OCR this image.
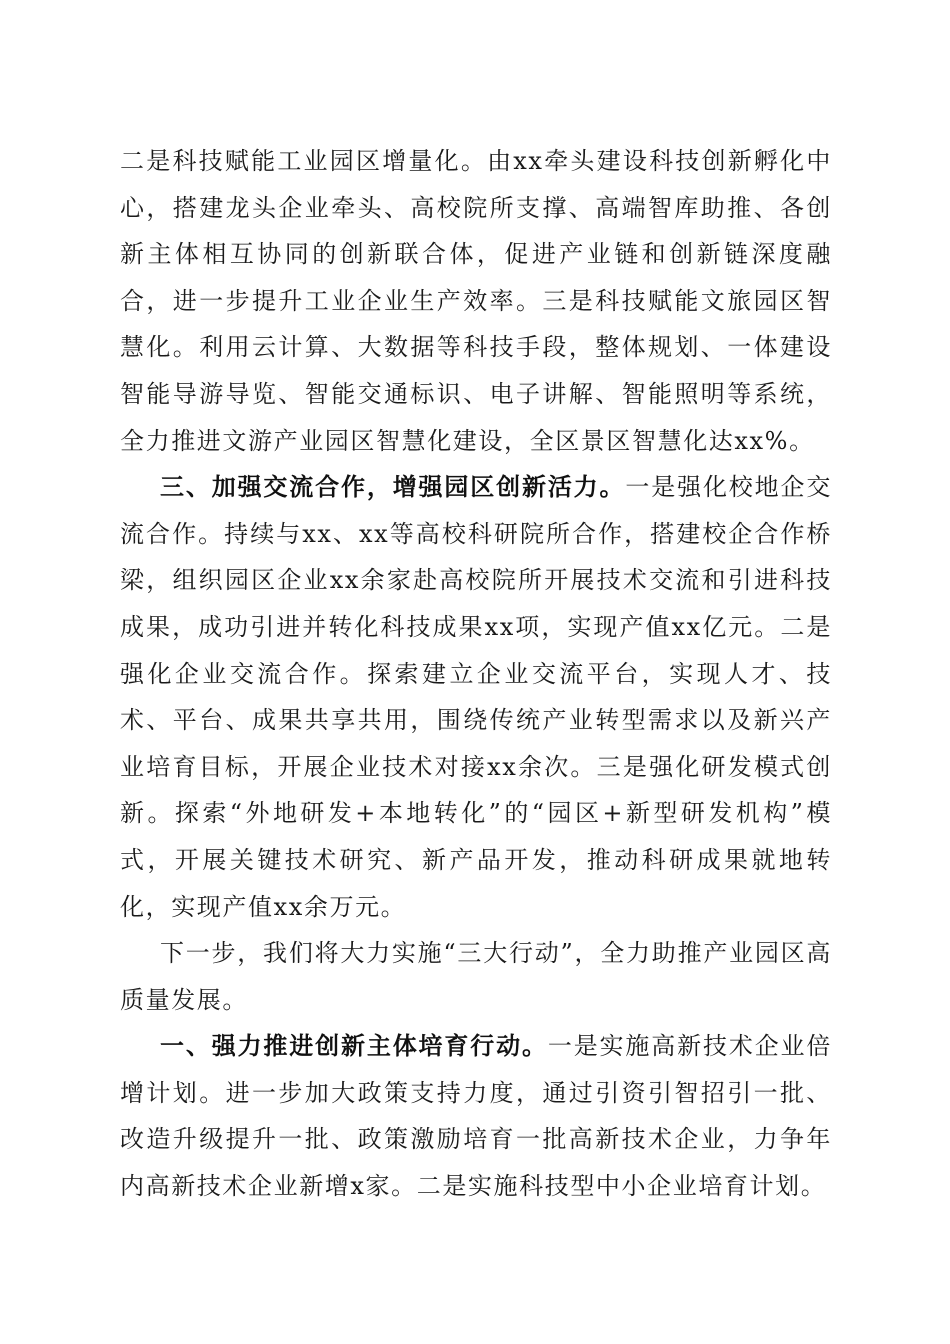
二是科技赋能工业园区增量化。由xx牵头建设科技创新孵化中心，搭建龙头企业牵头、高校院所支撑、高端智库助推、各创新主体相互协同的创新联合体，促进产业链和创新链深度融合，进一步提升工业企业生产效率。三是科技赋能文旅园区智慧化。利用云计算、大数据等科技手段，整体规划、一体建设智能导游导览、智能交通标识、电子讲解、智能照明等系统，全力推进文游产业园区智慧化建设，全区景区智慧化达xx%。

三、加强交流合作，增强园区创新活力。一是强化校地企交流合作。持续与xx、xx等高校科研院所合作，搭建校企合作桥梁，组织园区企业xx余家赴高校院所开展技术交流和引进科技成果，成功引进并转化科技成果xx项，实现产值xx亿元。二是强化企业交流合作。探索建立企业交流平台，实现人才、技术、平台、成果共享共用，围绕传统产业转型需求以及新兴产业培育目标，开展企业技术对接xx余次。三是强化研发模式创新。探索“外地研发+本地转化”的“园区+新型研发机构”模式，开展关键技术研究、新产品开发，推动科研成果就地转化，实现产值xx余万元。

下一步，我们将大力实施“三大行动”，全力助推产业园区高质量发展。

一、强力推进创新主体培育行动。一是实施高新技术企业倍增计划。进一步加大政策支持力度，通过引资引智招引一批、改造升级提升一批、政策激励培育一批高新技术企业，力争年内高新技术企业新增x家。二是实施科技型中小企业培育计划。
